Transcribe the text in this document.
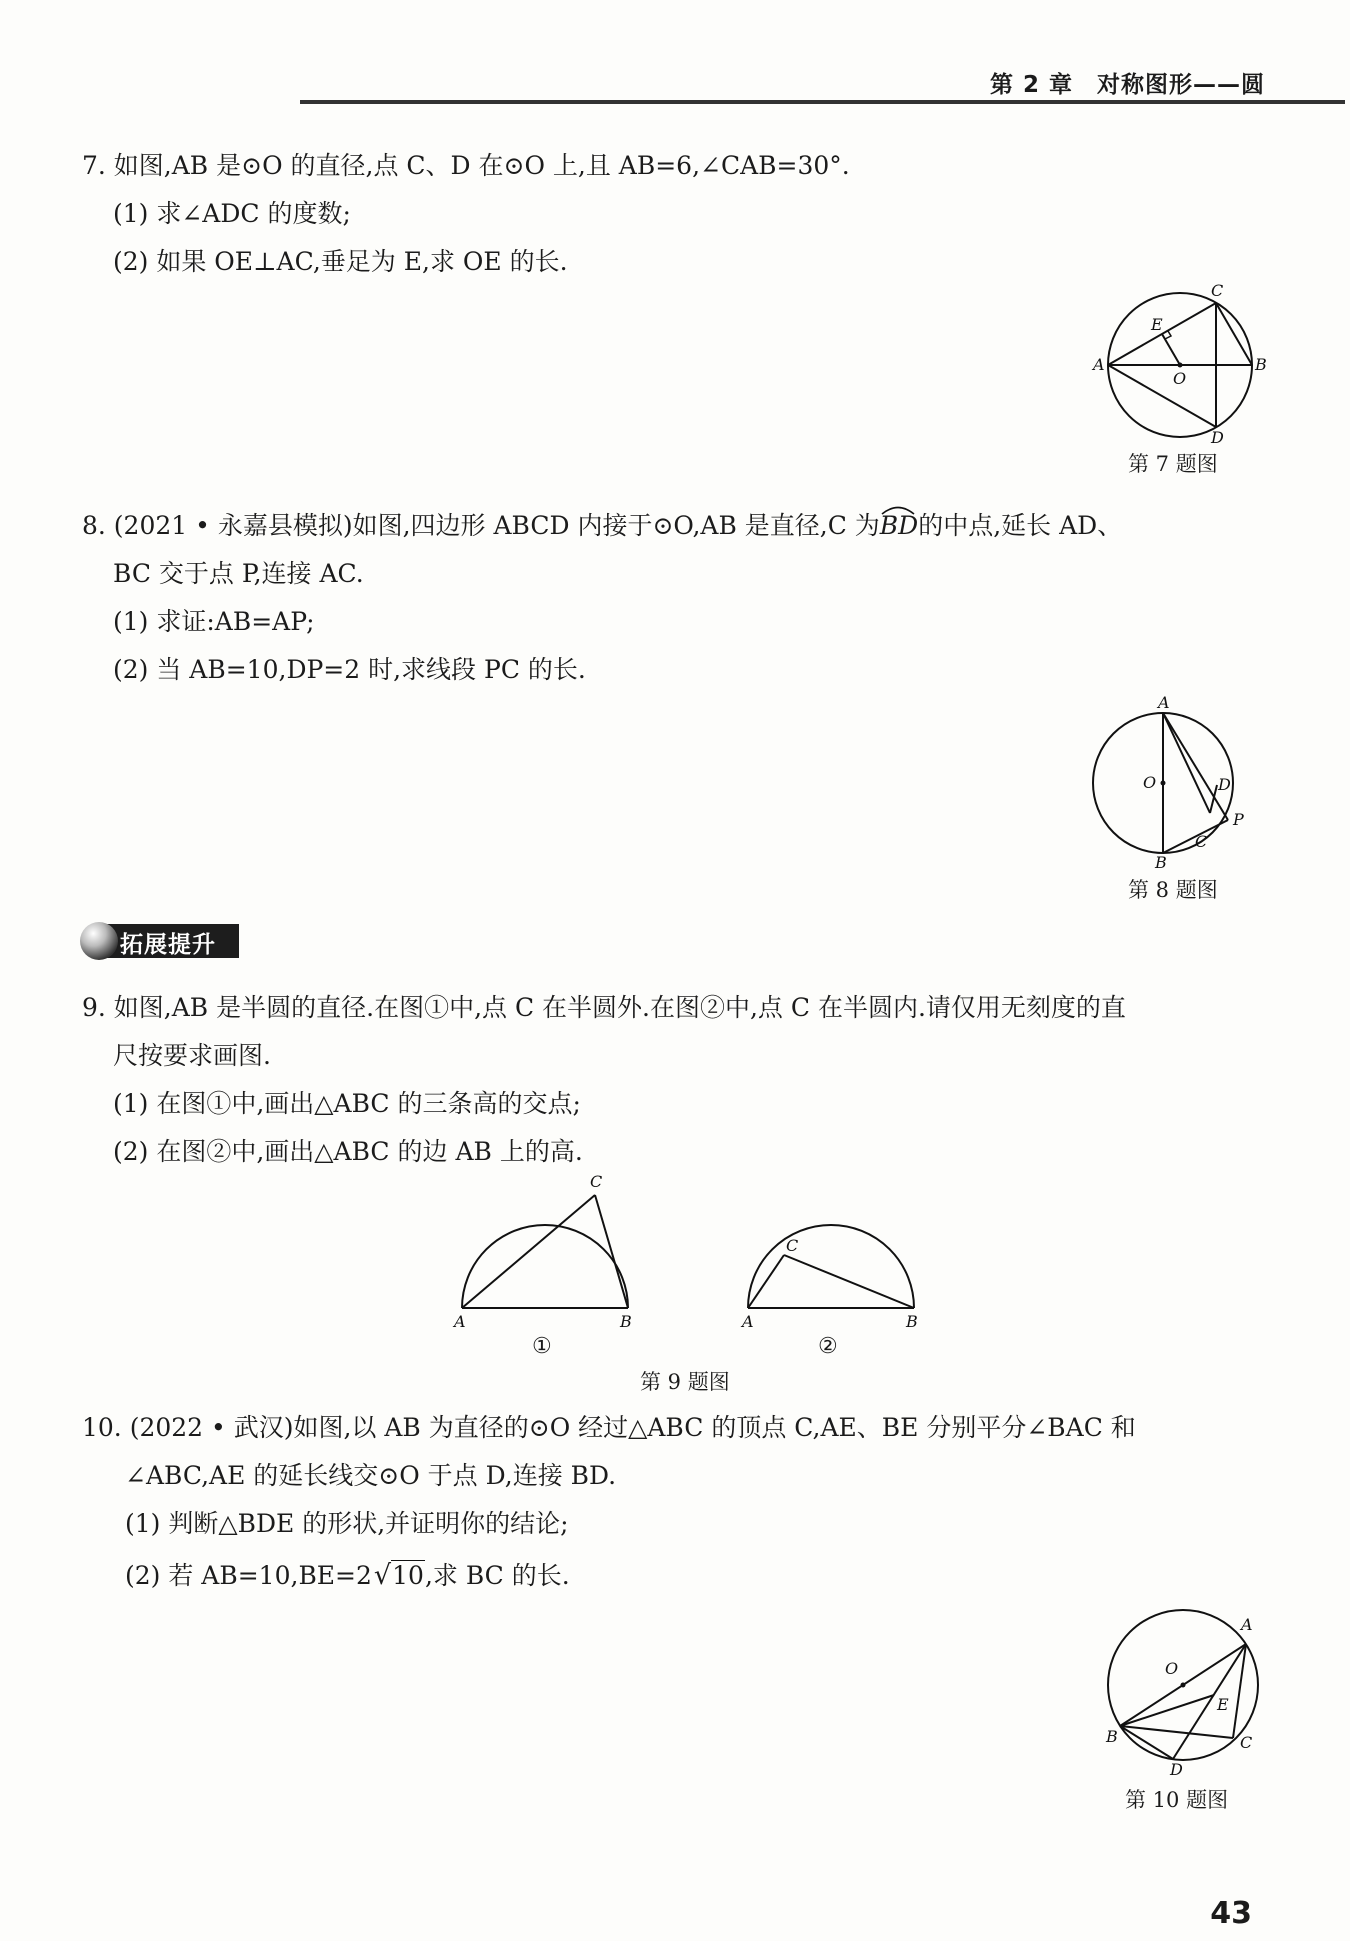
第 2 章　对称图形——圆
7. 如图,AB 是⊙O 的直径,点 C、D 在⊙O 上,且 AB=6,∠CAB=30°.
(1) 求∠ADC 的度数;
(2) 如果 OE⊥AC,垂足为 E,求 OE 的长.
A	B
C
D
E
O
第 7 题图
8. (2021 • 永嘉县模拟)如图,四边形 ABCD 内接于⊙O,AB 是直径,C 为
BD的中点,延长 AD、
BC 交于点 P,连接 AC.
(1) 求证:AB=AP;
(2) 当 AB=10,DP=2 时,求线段 PC 的长.
A
B
C
D
O
P
第 8 题图
拓展提升
9. 如图,AB 是半圆的直径.在图①中,点 C 在半圆外.在图②中,点 C 在半圆内.请仅用无刻度的直
尺按要求画图.
(1) 在图①中,画出△ABC 的三条高的交点;
(2) 在图②中,画出△ABC 的边 AB 上的高.
A	B
C
①
A	B
C
②
第 9 题图
10. (2022 • 武汉)如图,以 AB 为直径的⊙O 经过△ABC 的顶点 C,AE、BE 分别平分∠BAC 和
∠ABC,AE 的延长线交⊙O 于点 D,连接 BD.
(1) 判断△BDE 的形状,并证明你的结论;
(2) 若 AB=10,BE=2√10,求 BC 的长.
A
B	C
D
E
O
第 10 题图
43
